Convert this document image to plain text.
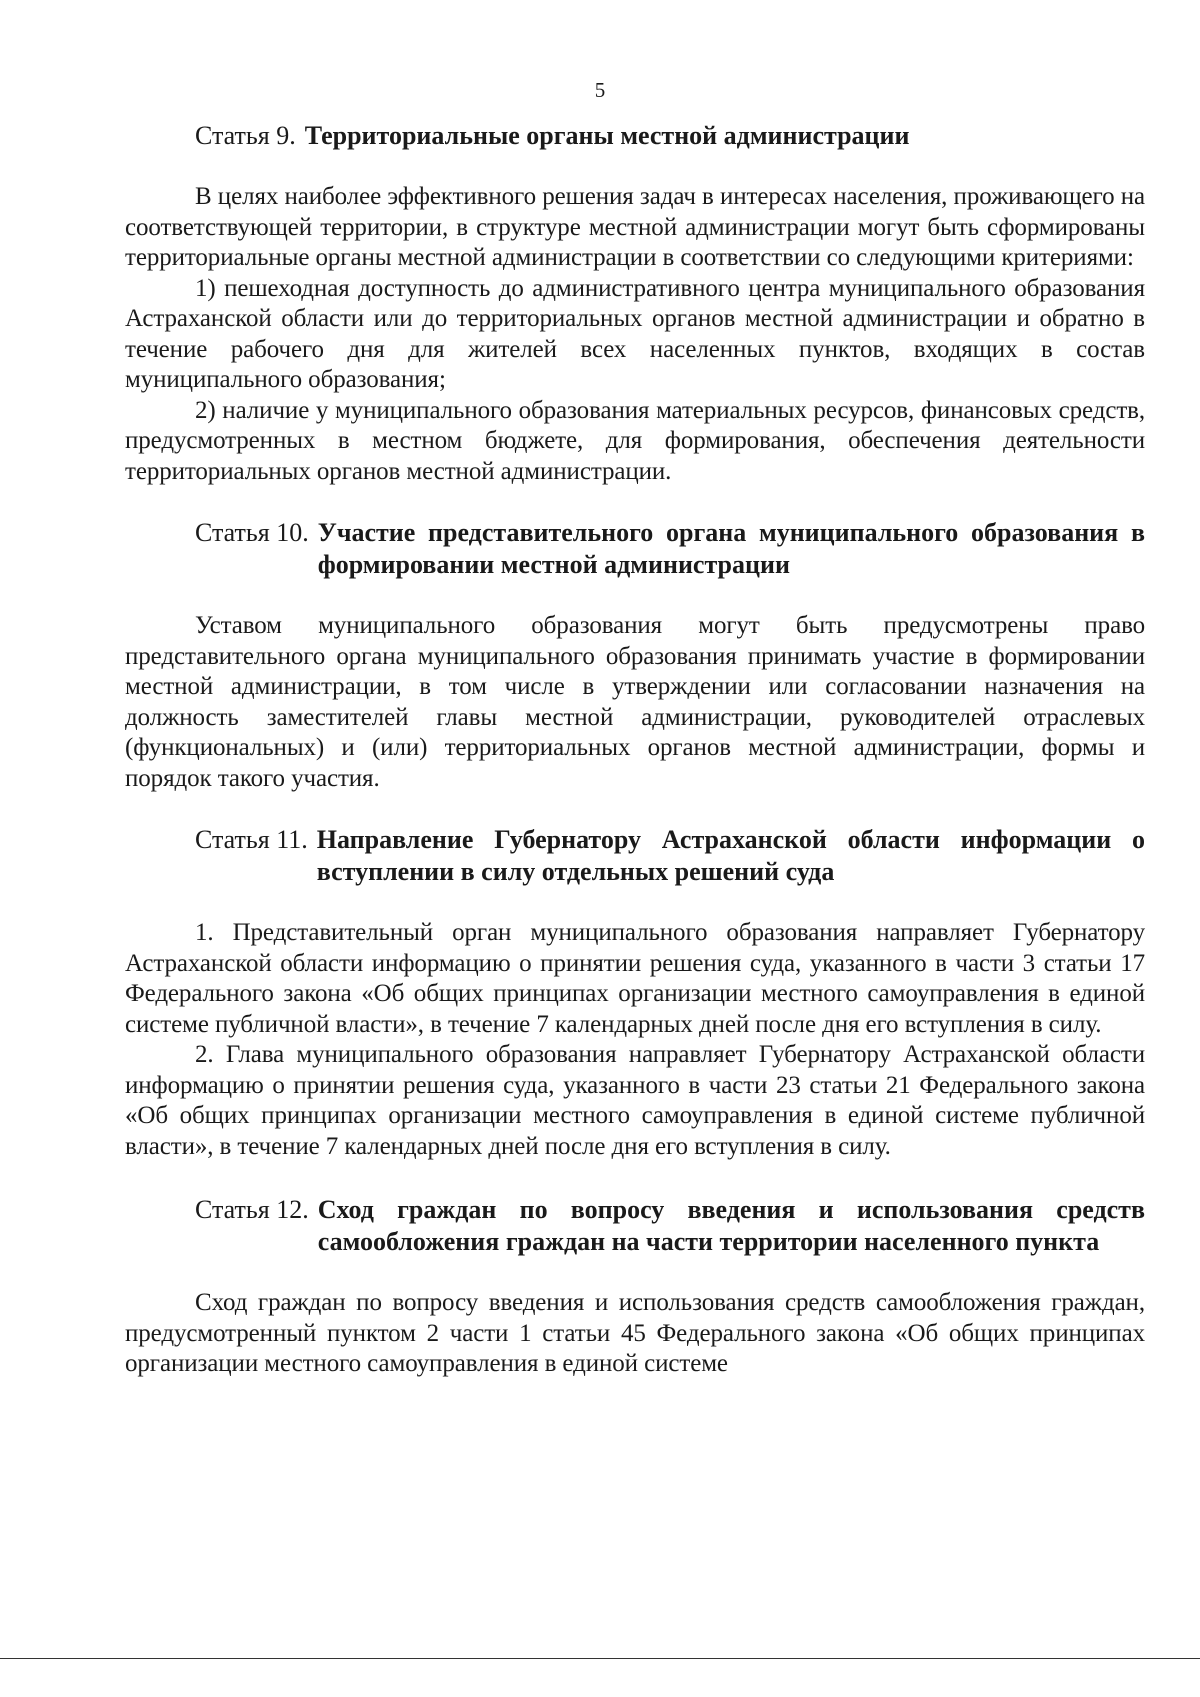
5
Статья 9. Территориальные органы местной администрации

В целях наиболее эффективного решения задач в интересах населения, проживающего на соответствующей территории, в структуре местной администрации могут быть сформированы территориальные органы местной администрации в соответствии со следующими критериями:

1) пешеходная доступность до административного центра муниципального образования Астраханской области или до территориальных органов местной администрации и обратно в течение рабочего дня для жителей всех населенных пунктов, входящих в состав муниципального образования;

2) наличие у муниципального образования материальных ресурсов, финансовых средств, предусмотренных в местном бюджете, для формирования, обеспечения деятельности территориальных органов местной администрации.

Статья 10. Участие представительного органа муниципального образования в формировании местной администрации

Уставом муниципального образования могут быть предусмотрены право представительного органа муниципального образования принимать участие в формировании местной администрации, в том числе в утверждении или согласовании назначения на должность заместителей главы местной администрации, руководителей отраслевых (функциональных) и (или) территориальных органов местной администрации, формы и порядок такого участия.

Статья 11. Направление Губернатору Астраханской области информации о вступлении в силу отдельных решений суда

1. Представительный орган муниципального образования направляет Губернатору Астраханской области информацию о принятии решения суда, указанного в части 3 статьи 17 Федерального закона «Об общих принципах организации местного самоуправления в единой системе публичной власти», в течение 7 календарных дней после дня его вступления в силу.

2. Глава муниципального образования направляет Губернатору Астраханской области информацию о принятии решения суда, указанного в части 23 статьи 21 Федерального закона «Об общих принципах организации местного самоуправления в единой системе публичной власти», в течение 7 календарных дней после дня его вступления в силу.

Статья 12. Сход граждан по вопросу введения и использования средств самообложения граждан на части территории населенного пункта

Сход граждан по вопросу введения и использования средств самообложения граждан, предусмотренный пунктом 2 части 1 статьи 45 Федерального закона «Об общих принципах организации местного самоуправления в единой системе
